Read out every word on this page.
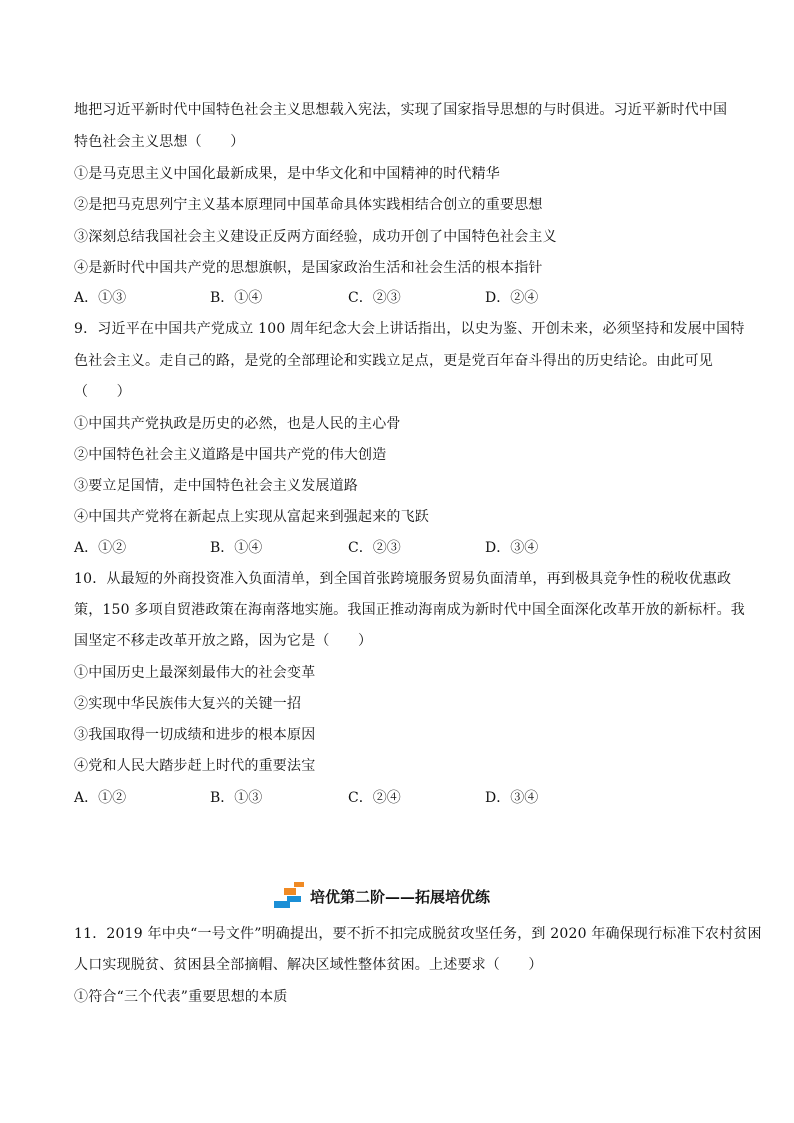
地把习近平新时代中国特色社会主义思想载入宪法，实现了国家指导思想的与时俱进。习近平新时代中国
特色社会主义思想（　　）
①是马克思主义中国化最新成果，是中华文化和中国精神的时代精华
②是把马克思列宁主义基本原理同中国革命具体实践相结合创立的重要思想
③深刻总结我国社会主义建设正反两方面经验，成功开创了中国特色社会主义
④是新时代中国共产党的思想旗帜，是国家政治生活和社会生活的根本指针
A．①③	B．①④	C．②③	D．②④
9．习近平在中国共产党成立 100 周年纪念大会上讲话指出，以史为鉴、开创未来，必须坚持和发展中国特
色社会主义。走自己的路，是党的全部理论和实践立足点，更是党百年奋斗得出的历史结论。由此可见
（　　）
①中国共产党执政是历史的必然，也是人民的主心骨
②中国特色社会主义道路是中国共产党的伟大创造
③要立足国情，走中国特色社会主义发展道路
④中国共产党将在新起点上实现从富起来到强起来的飞跃
A．①②	B．①④	C．②③	D．③④
10．从最短的外商投资准入负面清单，到全国首张跨境服务贸易负面清单，再到极具竞争性的税收优惠政
策，150 多项自贸港政策在海南落地实施。我国正推动海南成为新时代中国全面深化改革开放的新标杆。我
国坚定不移走改革开放之路，因为它是（　　）
①中国历史上最深刻最伟大的社会变革
②实现中华民族伟大复兴的关键一招
③我国取得一切成绩和进步的根本原因
④党和人民大踏步赶上时代的重要法宝
A．①②	B．①③	C．②④	D．③④
培优第二阶——拓展培优练
11．2019 年中央“一号文件”明确提出，要不折不扣完成脱贫攻坚任务，到 2020 年确保现行标准下农村贫困
人口实现脱贫、贫困县全部摘帽、解决区域性整体贫困。上述要求（　　）
①符合“三个代表”重要思想的本质
